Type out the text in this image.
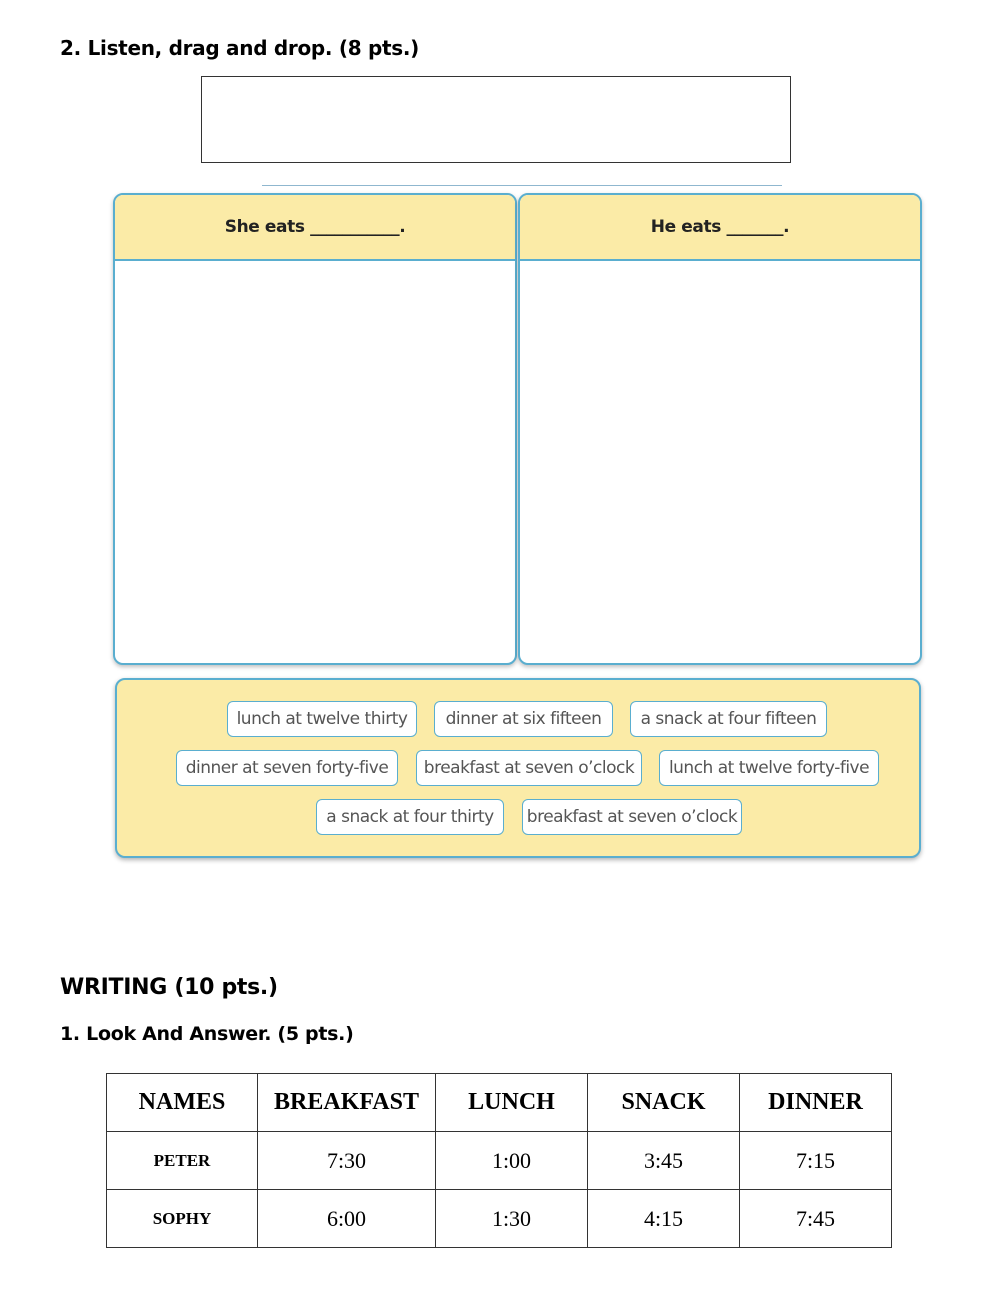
2. Listen, drag and drop. (8 pts.)
She eats ___________.	He eats _______.
lunch at twelve thirty	dinner at six fifteen	a snack at four fifteen
dinner at seven forty-five	breakfast at seven o’clock	lunch at twelve forty-five
a snack at four thirty	breakfast at seven o’clock
WRITING (10 pts.)
1. Look And Answer. (5 pts.)
NAMES	BREAKFAST	LUNCH	SNACK	DINNER
PETER	7:30	1:00	3:45	7:15
SOPHY	6:00	1:30	4:15	7:45
